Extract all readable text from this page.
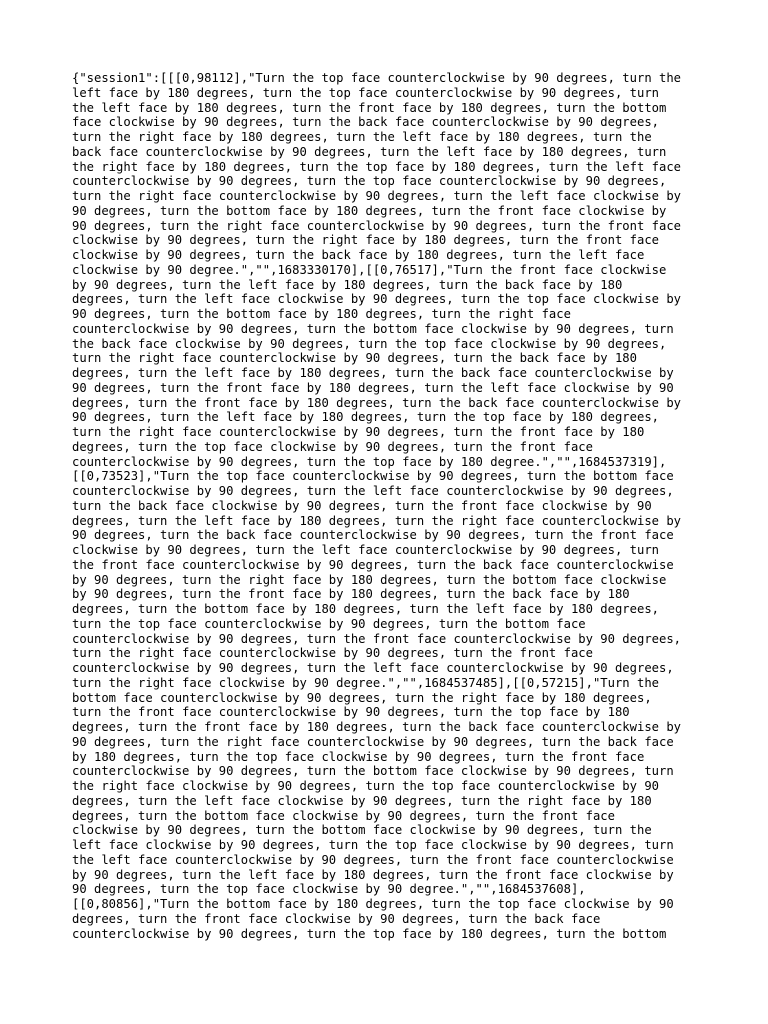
{"session1":[[[0,98112],"Turn the top face counterclockwise by 90 degrees, turn the
left face by 180 degrees, turn the top face counterclockwise by 90 degrees, turn
the left face by 180 degrees, turn the front face by 180 degrees, turn the bottom
face clockwise by 90 degrees, turn the back face counterclockwise by 90 degrees,
turn the right face by 180 degrees, turn the left face by 180 degrees, turn the
back face counterclockwise by 90 degrees, turn the left face by 180 degrees, turn
the right face by 180 degrees, turn the top face by 180 degrees, turn the left face
counterclockwise by 90 degrees, turn the top face counterclockwise by 90 degrees,
turn the right face counterclockwise by 90 degrees, turn the left face clockwise by
90 degrees, turn the bottom face by 180 degrees, turn the front face clockwise by
90 degrees, turn the right face counterclockwise by 90 degrees, turn the front face
clockwise by 90 degrees, turn the right face by 180 degrees, turn the front face
clockwise by 90 degrees, turn the back face by 180 degrees, turn the left face
clockwise by 90 degree.","",1683330170],[[0,76517],"Turn the front face clockwise
by 90 degrees, turn the left face by 180 degrees, turn the back face by 180
degrees, turn the left face clockwise by 90 degrees, turn the top face clockwise by
90 degrees, turn the bottom face by 180 degrees, turn the right face
counterclockwise by 90 degrees, turn the bottom face clockwise by 90 degrees, turn
the back face clockwise by 90 degrees, turn the top face clockwise by 90 degrees,
turn the right face counterclockwise by 90 degrees, turn the back face by 180
degrees, turn the left face by 180 degrees, turn the back face counterclockwise by
90 degrees, turn the front face by 180 degrees, turn the left face clockwise by 90
degrees, turn the front face by 180 degrees, turn the back face counterclockwise by
90 degrees, turn the left face by 180 degrees, turn the top face by 180 degrees,
turn the right face counterclockwise by 90 degrees, turn the front face by 180
degrees, turn the top face clockwise by 90 degrees, turn the front face
counterclockwise by 90 degrees, turn the top face by 180 degree.","",1684537319],
[[0,73523],"Turn the top face counterclockwise by 90 degrees, turn the bottom face
counterclockwise by 90 degrees, turn the left face counterclockwise by 90 degrees,
turn the back face clockwise by 90 degrees, turn the front face clockwise by 90
degrees, turn the left face by 180 degrees, turn the right face counterclockwise by
90 degrees, turn the back face counterclockwise by 90 degrees, turn the front face
clockwise by 90 degrees, turn the left face counterclockwise by 90 degrees, turn
the front face counterclockwise by 90 degrees, turn the back face counterclockwise
by 90 degrees, turn the right face by 180 degrees, turn the bottom face clockwise
by 90 degrees, turn the front face by 180 degrees, turn the back face by 180
degrees, turn the bottom face by 180 degrees, turn the left face by 180 degrees,
turn the top face counterclockwise by 90 degrees, turn the bottom face
counterclockwise by 90 degrees, turn the front face counterclockwise by 90 degrees,
turn the right face counterclockwise by 90 degrees, turn the front face
counterclockwise by 90 degrees, turn the left face counterclockwise by 90 degrees,
turn the right face clockwise by 90 degree.","",1684537485],[[0,57215],"Turn the
bottom face counterclockwise by 90 degrees, turn the right face by 180 degrees,
turn the front face counterclockwise by 90 degrees, turn the top face by 180
degrees, turn the front face by 180 degrees, turn the back face counterclockwise by
90 degrees, turn the right face counterclockwise by 90 degrees, turn the back face
by 180 degrees, turn the top face clockwise by 90 degrees, turn the front face
counterclockwise by 90 degrees, turn the bottom face clockwise by 90 degrees, turn
the right face clockwise by 90 degrees, turn the top face counterclockwise by 90
degrees, turn the left face clockwise by 90 degrees, turn the right face by 180
degrees, turn the bottom face clockwise by 90 degrees, turn the front face
clockwise by 90 degrees, turn the bottom face clockwise by 90 degrees, turn the
left face clockwise by 90 degrees, turn the top face clockwise by 90 degrees, turn
the left face counterclockwise by 90 degrees, turn the front face counterclockwise
by 90 degrees, turn the left face by 180 degrees, turn the front face clockwise by
90 degrees, turn the top face clockwise by 90 degree.","",1684537608],
[[0,80856],"Turn the bottom face by 180 degrees, turn the top face clockwise by 90
degrees, turn the front face clockwise by 90 degrees, turn the back face
counterclockwise by 90 degrees, turn the top face by 180 degrees, turn the bottom
